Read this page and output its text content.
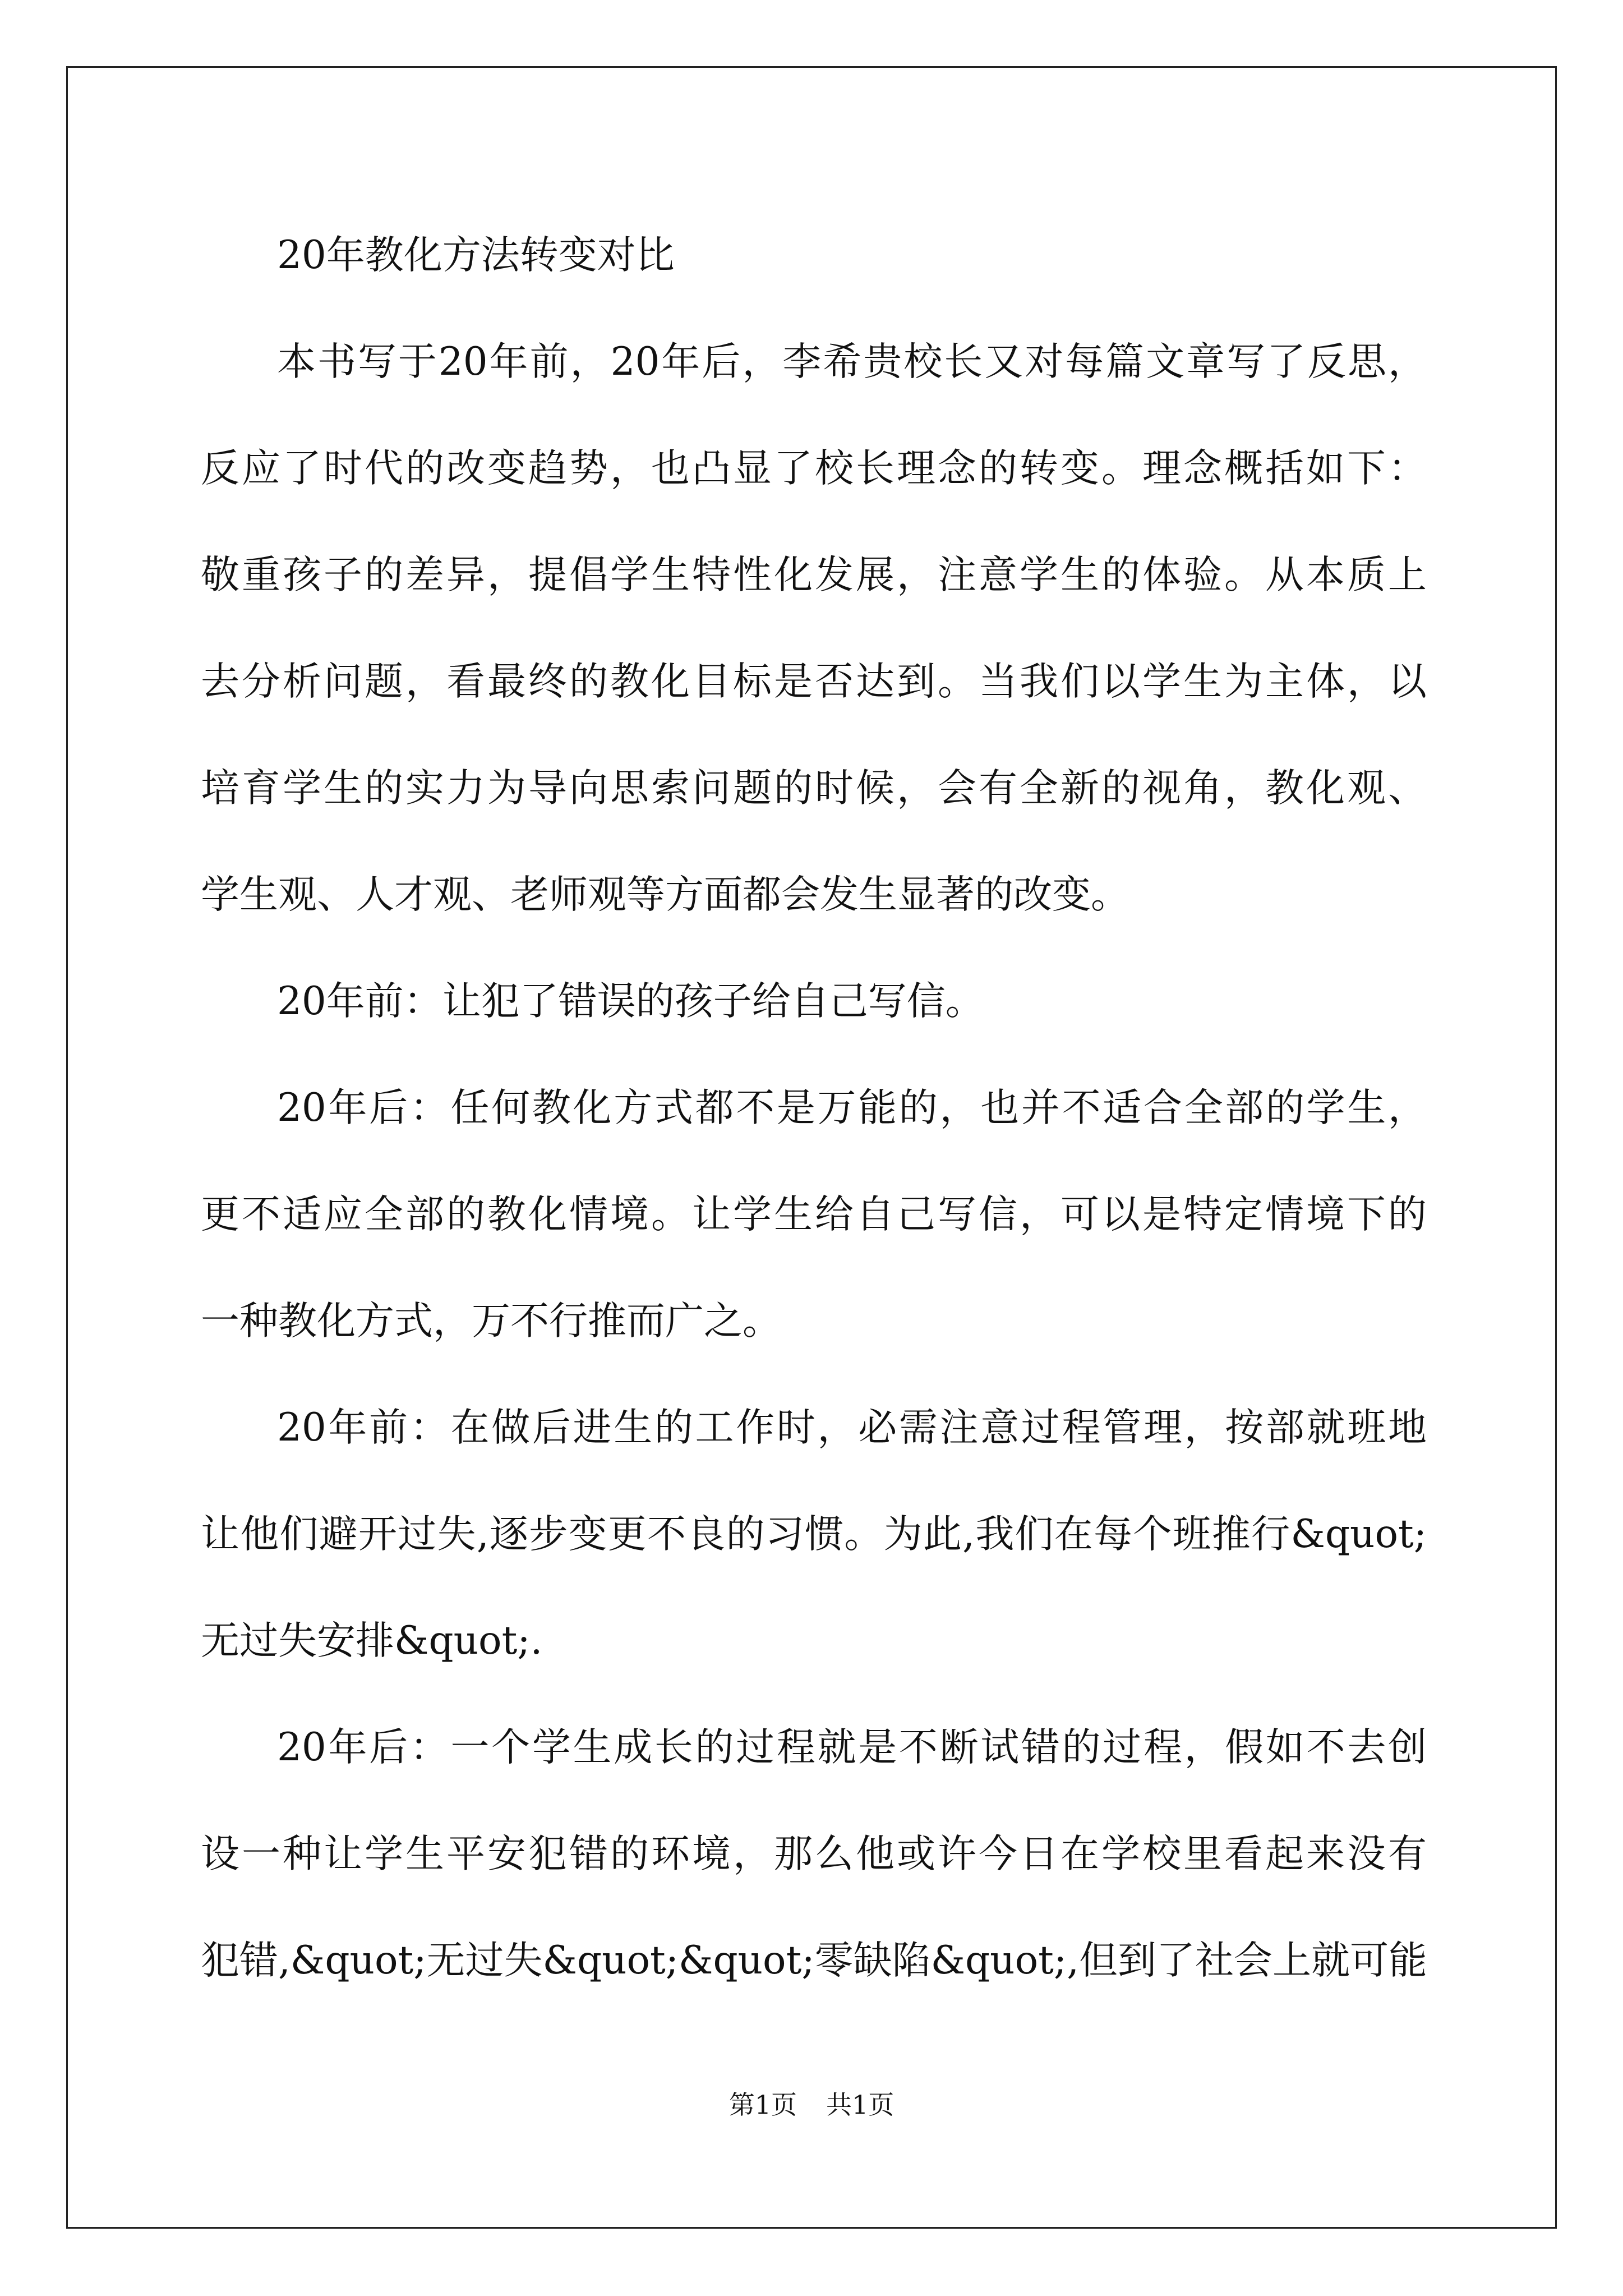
20年教化方法转变对比

本书写于20年前，20年后，李希贵校长又对每篇文章写了反思，
反应了时代的改变趋势，也凸显了校长理念的转变。理念概括如下：
敬重孩子的差异，提倡学生特性化发展，注意学生的体验。从本质上
去分析问题，看最终的教化目标是否达到。当我们以学生为主体，以
培育学生的实力为导向思索问题的时候，会有全新的视角，教化观、
学生观、人才观、老师观等方面都会发生显著的改变。

20年前：让犯了错误的孩子给自己写信。

20年后：任何教化方式都不是万能的，也并不适合全部的学生，
更不适应全部的教化情境。让学生给自己写信，可以是特定情境下的
一种教化方式，万不行推而广之。

20年前：在做后进生的工作时，必需注意过程管理，按部就班地
让他们避开过失,逐步变更不良的习惯。为此,我们在每个班推行&quot;
无过失安排&quot;.

20年后：一个学生成长的过程就是不断试错的过程，假如不去创
设一种让学生平安犯错的环境，那么他或许今日在学校里看起来没有
犯错,&quot;无过失&quot;&quot;零缺陷&quot;,但到了社会上就可能

第1页 共1页
